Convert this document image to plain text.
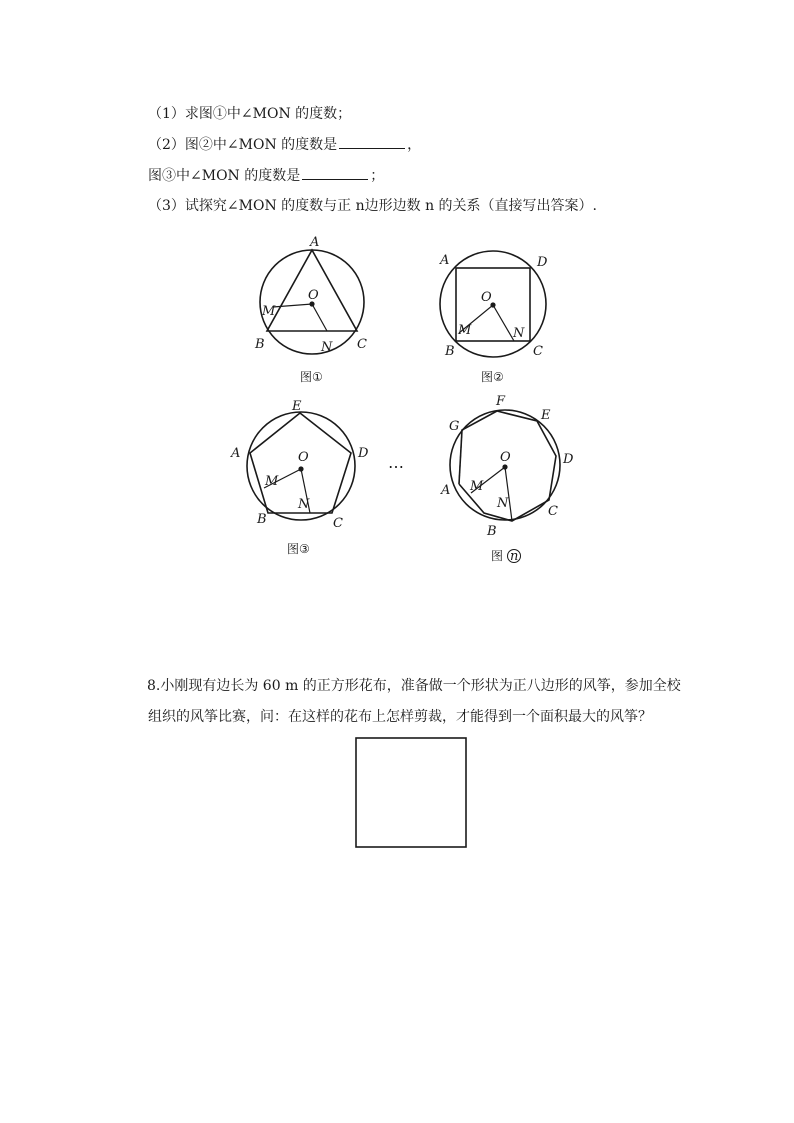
（1）求图①中∠MON 的度数；
（2）图②中∠MON 的度数是	，
图③中∠MON 的度数是	；
（3）试探究∠MON 的度数与正 n边形边数 n 的关系（直接写出答案）.
A
O
M
B	N C
图①
A	D
O
M	N
B	C
图②
E
A	D
O
M
N
B	C
图③
…
F
E
G
D
O
A M
N
C
B
图 n
8.小刚现有边长为 60 m 的正方形花布，准备做一个形状为正八边形的风筝，参加全校
组织的风筝比赛，问：在这样的花布上怎样剪裁，才能得到一个面积最大的风筝？
